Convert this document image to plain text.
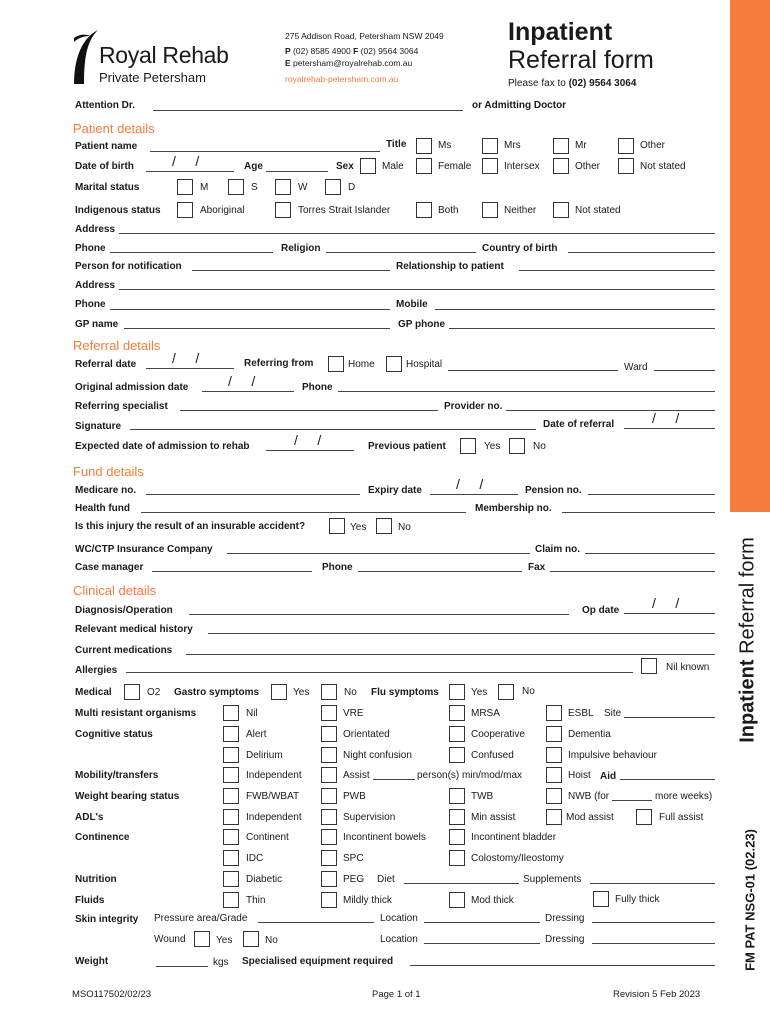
Inpatient Referral form
FM PAT NSG-01 (02.23)
Royal Rehab
Private Petersham
275 Addison Road, Petersham NSW 2049
P (02) 8585 4900 F (02) 9564 3064
E petersham@royalrehab.com.au
royalrehab-petersham.com.au
Inpatient
Referral form
Please fax to (02) 9564 3064
Attention Dr.	or Admitting Doctor
Patient details
Patient name	Title	Ms	Mrs	Mr	Other
Date of birth	/     /	Age	Sex	Male	Female	Intersex	Other	Not stated
Marital status	M	S	W	D
Indigenous status	Aboriginal	Torres Strait Islander	Both	Neither	Not stated
Address
Phone	Religion	Country of birth
Person for notification	Relationship to patient
Address
Phone	Mobile
GP name	GP phone
Referral details
Referral date	/     /	Referring from	Home	Hospital	Ward
Original admission date	/     /	Phone
Referring specialist	Provider no.
Signature	Date of referral	/     /
Expected date of admission to rehab	/     /	Previous patient	Yes	No
Fund details
Medicare no.	Expiry date /     /	Pension no.
Health fund	Membership no.
Is this injury the result of an insurable accident?	Yes	No
WC/CTP Insurance Company	Claim no.
Case manager	Phone	Fax
Clinical details
Diagnosis/Operation	Op date /     /
Relevant medical history
Current medications
Allergies	Nil known
Medical	O2 Gastro symptoms	Yes	No Flu symptoms	Yes	No
Multi resistant organisms	Nil	VRE	MRSA	ESBL Site
Cognitive status	Alert	Orientated	Cooperative	Dementia
Delirium	Night confusion	Confused	Impulsive behaviour
Mobility/transfers	Independent	Assist	person(s) min/mod/max	Hoist Aid
Weight bearing status	FWB/WBAT	PWB	TWB	NWB (for	more weeks)
ADL's	Independent	Supervision	Min assist	Mod assist	Full assist
Continence	Continent	Incontinent bowels	Incontinent bladder
IDC	SPC	Colostomy/Ileostomy
Nutrition	Diabetic	PEG Diet	Supplements
Fluids	Thin	Mildly thick	Mod thick	Fully thick
Skin integrity Pressure area/Grade	Location	Dressing
Wound	Yes	No	Location	Dressing
Weight	kgs Specialised equipment required
MSO117502/02/23	Page 1 of 1	Revision 5 Feb 2023
